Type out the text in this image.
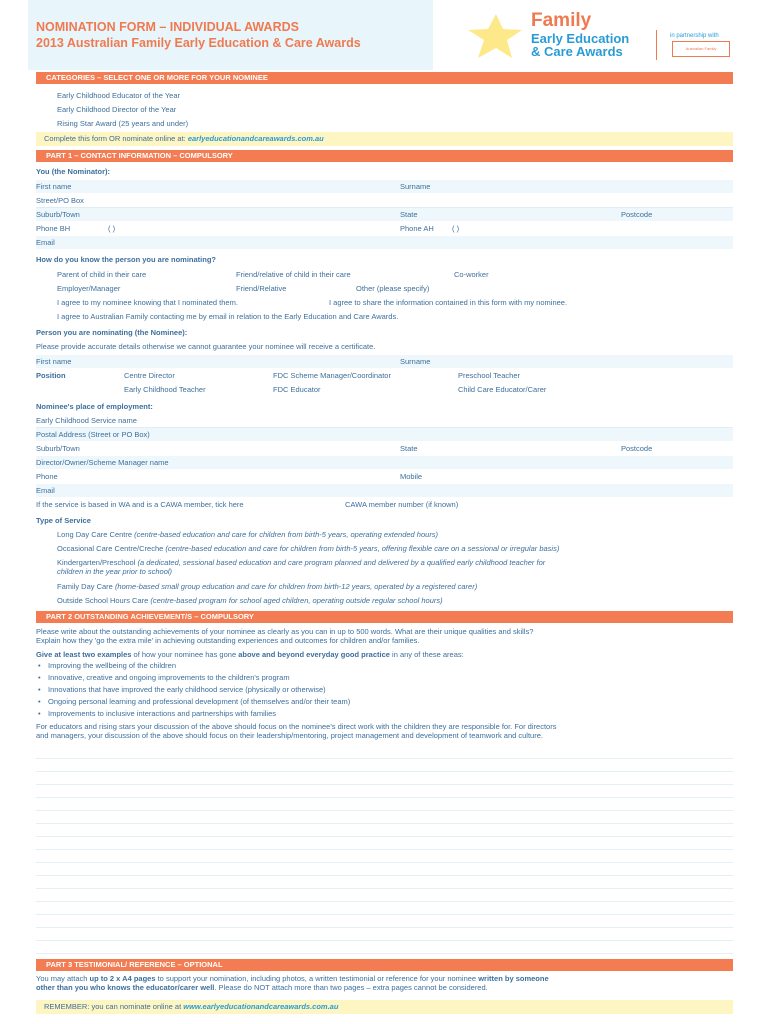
NOMINATION FORM – INDIVIDUAL AWARDS
2013 Australian Family Early Education & Care Awards
Family
Early Education
& Care Awards
in partnership with
Australian Family
CATEGORIES – SELECT ONE OR MORE FOR YOUR NOMINEE
Early Childhood Educator of the Year
Early Childhood Director of the Year
Rising Star Award (25 years and under)
Complete this form OR nominate online at: earlyeducationandcareawards.com.au
PART 1 – CONTACT INFORMATION – COMPULSORY
You (the Nominator):
First name	Surname
Street/PO Box
Suburb/Town	State	Postcode
Phone BH	( )	Phone AH ( )
Email
How do you know the person you are nominating?
Parent of child in their care	Friend/relative of child in their care	Co-worker
Employer/Manager	Friend/Relative	Other (please specify)
I agree to my nominee knowing that I nominated them.	I agree to share the information contained in this form with my nominee.
I agree to Australian Family contacting me by email in relation to the Early Education and Care Awards.
Person you are nominating (the Nominee):
Please provide accurate details otherwise we cannot guarantee your nominee will receive a certificate.
First name	Surname
Position	Centre Director	FDC Scheme Manager/Coordinator	Preschool Teacher
Early Childhood Teacher	FDC Educator	Child Care Educator/Carer
Nominee's place of employment:
Early Childhood Service name
Postal Address (Street or PO Box)
Suburb/Town	State	Postcode
Director/Owner/Scheme Manager name
Phone	Mobile
Email
If the service is based in WA and is a CAWA member, tick here	CAWA member number (if known)
Type of Service
Long Day Care Centre (centre-based education and care for children from birth-5 years, operating extended hours)
Occasional Care Centre/Creche (centre-based education and care for children from birth-5 years, offering flexible care on a sessional or irregular basis)
Kindergarten/Preschool (a dedicated, sessional based education and care program planned and delivered by a qualified early childhood teacher for
children in the year prior to school)
Family Day Care (home-based small group education and care for children from birth-12 years, operated by a registered carer)
Outside School Hours Care (centre-based program for school aged children, operating outside regular school hours)
PART 2 OUTSTANDING ACHIEVEMENT/S – COMPULSORY
Please write about the outstanding achievements of your nominee as clearly as you can in up to 500 words. What are their unique qualities and skills?
Explain how they 'go the extra mile' in achieving outstanding experiences and outcomes for children and/or families.
Give at least two examples of how your nominee has gone above and beyond everyday good practice in any of these areas:
• Improving the wellbeing of the children
• Innovative, creative and ongoing improvements to the children's program
• Innovations that have improved the early childhood service (physically or otherwise)
• Ongoing personal learning and professional development (of themselves and/or their team)
• Improvements to inclusive interactions and partnerships with families
For educators and rising stars your discussion of the above should focus on the nominee's direct work with the children they are responsible for. For directors
and managers, your discussion of the above should focus on their leadership/mentoring, project management and development of teamwork and culture.
PART 3 TESTIMONIAL/ REFERENCE – OPTIONAL
You may attach up to 2 x A4 pages to support your nomination, including photos, a written testimonial or reference for your nominee written by someone
other than you who knows the educator/carer well. Please do NOT attach more than two pages – extra pages cannot be considered.
REMEMBER: you can nominate online at www.earlyeducationandcareawards.com.au
